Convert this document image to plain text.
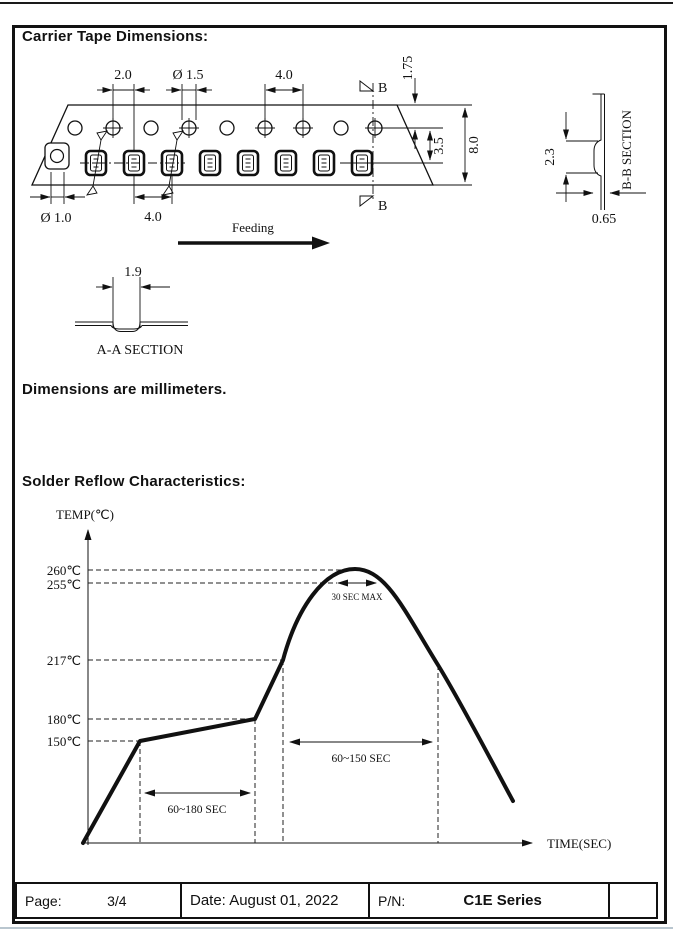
Carrier Tape Dimensions:
2.0	Ø 1.5	4.0
B
B
1.75
3.5 8.0
Ø 1.0	4.0
Feeding
1.9
A-A SECTION
2.3
0.65
B-B SECTION
Dimensions are millimeters.
Solder Reflow Characteristics:
TEMP(℃)
TIME(SEC)
260℃
255℃
217℃
180℃
150℃
30 SEC MAX
60~150 SEC
60~180 SEC
Page:	3/4	Date: August 01, 2022	P/N:	C1E Series
